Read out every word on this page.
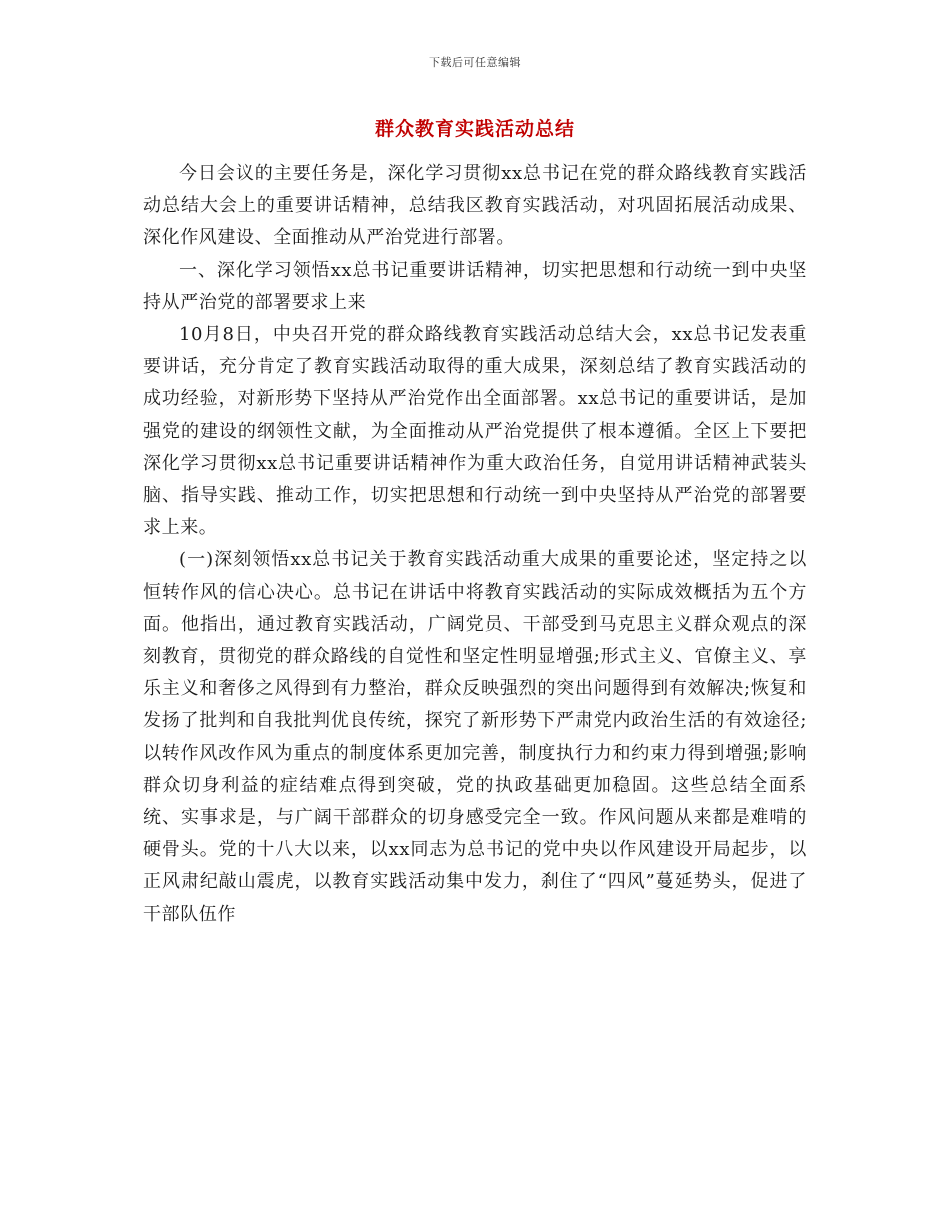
下载后可任意编辑
群众教育实践活动总结

今日会议的主要任务是，深化学习贯彻xx总书记在党的群众路线教育实践活动总结大会上的重要讲话精神，总结我区教育实践活动，对巩固拓展活动成果、深化作风建设、全面推动从严治党进行部署。

一、深化学习领悟xx总书记重要讲话精神，切实把思想和行动统一到中央坚持从严治党的部署要求上来

10月8日，中央召开党的群众路线教育实践活动总结大会，xx总书记发表重要讲话，充分肯定了教育实践活动取得的重大成果，深刻总结了教育实践活动的成功经验，对新形势下坚持从严治党作出全面部署。xx总书记的重要讲话，是加强党的建设的纲领性文献，为全面推动从严治党提供了根本遵循。全区上下要把深化学习贯彻xx总书记重要讲话精神作为重大政治任务，自觉用讲话精神武装头脑、指导实践、推动工作，切实把思想和行动统一到中央坚持从严治党的部署要求上来。

(一)深刻领悟xx总书记关于教育实践活动重大成果的重要论述，坚定持之以恒转作风的信心决心。总书记在讲话中将教育实践活动的实际成效概括为五个方面。他指出，通过教育实践活动，广阔党员、干部受到马克思主义群众观点的深刻教育，贯彻党的群众路线的自觉性和坚定性明显增强;形式主义、官僚主义、享乐主义和奢侈之风得到有力整治，群众反映强烈的突出问题得到有效解决;恢复和发扬了批判和自我批判优良传统，探究了新形势下严肃党内政治生活的有效途径;以转作风改作风为重点的制度体系更加完善，制度执行力和约束力得到增强;影响群众切身利益的症结难点得到突破，党的执政基础更加稳固。这些总结全面系统、实事求是，与广阔干部群众的切身感受完全一致。作风问题从来都是难啃的硬骨头。党的十八大以来，以xx同志为总书记的党中央以作风建设开局起步，以正风肃纪敲山震虎，以教育实践活动集中发力，刹住了“四风”蔓延势头，促进了干部队伍作
